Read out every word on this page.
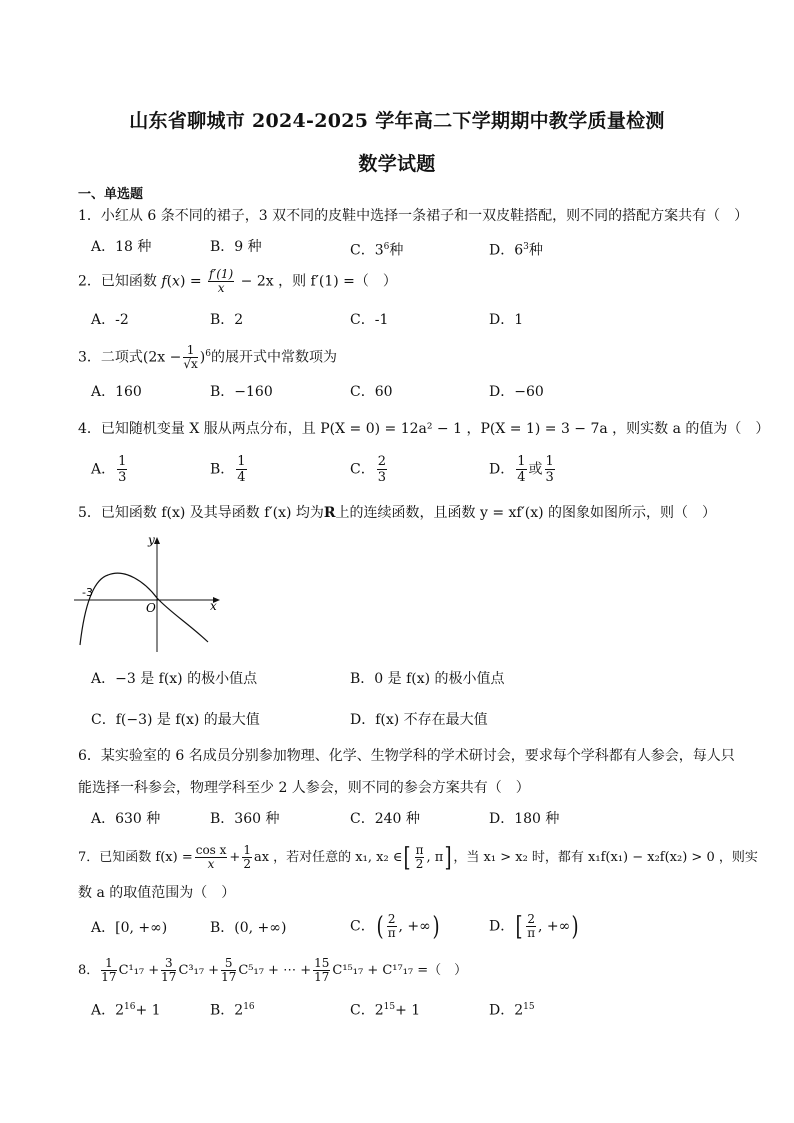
山东省聊城市 2024-2025 学年高二下学期期中教学质量检测
数学试题
一、单选题
1．小红从 6 条不同的裙子，3 双不同的皮鞋中选择一条裙子和一双皮鞋搭配，则不同的搭配方案共有（　）
A．18 种	B．9 种	C．$3^6$种	D．$6^3$种
2．已知函数 $f(x) = \frac{f'(1)}{x} - 2x$ ，则 f′(1) =（　）
A．-2	B．2	C．-1	D．1
3．二项式$(2x - \frac{1}{√x} )^6$的展开式中常数项为
A．160	B．−160	C．60	D．−60
4．已知随机变量 X 服从两点分布，且 P(X = 0) = 12a² − 1 ，P(X = 1) = 3 − 7a ，则实数 a 的值为（　）
A． $\frac{1}{3}$	B． $\frac{1}{4}$	C． $\frac{2}{3}$	D． $\frac{1}{4}$ 或 $\frac{1}{3}$
5．已知函数 f(x) 及其导函数 f′(x) 均为R上的连续函数，且函数 y = xf′(x) 的图象如图所示，则（　）
y
x
O
-3
A．−3 是 f(x) 的极小值点	B．0 是 f(x) 的极小值点
C．f(−3) 是 f(x) 的最大值	D．f(x) 不存在最大值
6．某实验室的 6 名成员分别参加物理、化学、生物学科的学术研讨会，要求每个学科都有人参会，每人只
能选择一科参会，物理学科至少 2 人参会，则不同的参会方案共有（　）
A．630 种	B．360 种	C．240 种	D．180 种
7．已知函数 $f(x) = \frac{\text{cos x}}{x} + \frac{1}{2}$ ax ，若对任意的 x₁, x₂ ∈[ $\frac{\pi}{2}$ , π] ，当 x₁ > x₂ 时，都有 x₁f(x₁) − x₂f(x₂) > 0 ，则实
数 a 的取值范围为（　）
A．[0, +∞)	B．(0, +∞)	C．( $\frac{2}{\pi}$ , +∞)	D．[ $\frac{2}{\pi}$ , +∞)
8． $\frac{1}{17} C^1_{17} + \frac{3}{17} C^3_{17} + \frac{5}{17} C^5_{17}$ + ⋯ + $\frac{15}{17} C^{15}_{17} + C^{17}_{17}$ =（　）
A．$2^{16}+ 1$	B．$2^{16}$	C．$2^{15}+ 1$	D．$2^{15}$
